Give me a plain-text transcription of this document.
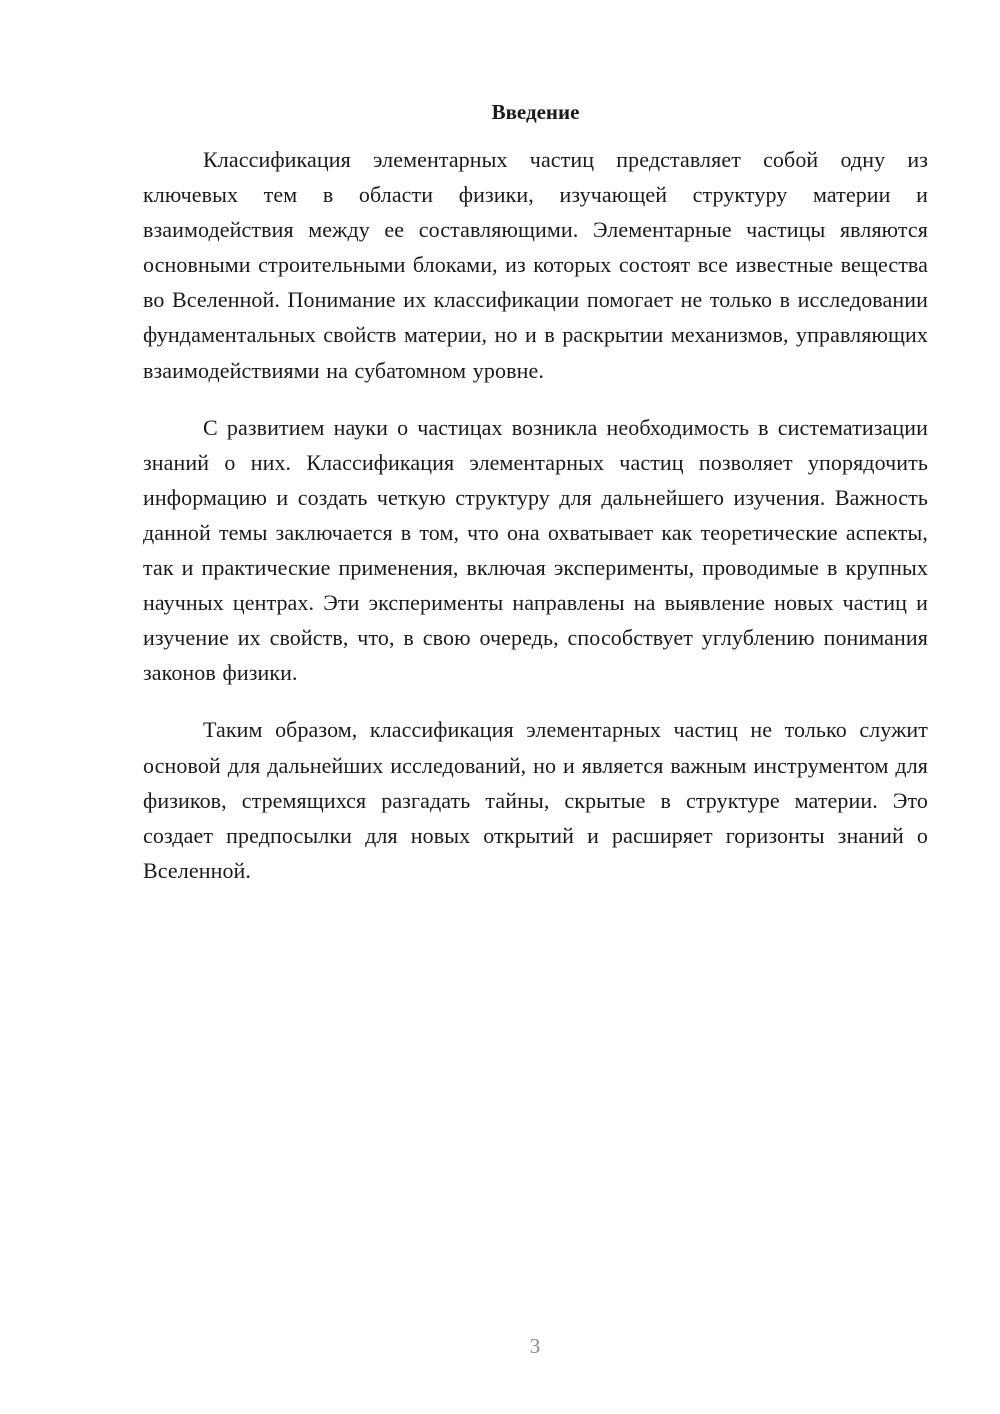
Введение

Классификация элементарных частиц представляет собой одну из ключевых тем в области физики, изучающей структуру материи и взаимодействия между ее составляющими. Элементарные частицы являются основными строительными блоками, из которых состоят все известные вещества во Вселенной. Понимание их классификации помогает не только в исследовании фундаментальных свойств материи, но и в раскрытии механизмов, управляющих взаимодействиями на субатомном уровне.

С развитием науки о частицах возникла необходимость в систематизации знаний о них. Классификация элементарных частиц позволяет упорядочить информацию и создать четкую структуру для дальнейшего изучения. Важность данной темы заключается в том, что она охватывает как теоретические аспекты, так и практические применения, включая эксперименты, проводимые в крупных научных центрах. Эти эксперименты направлены на выявление новых частиц и изучение их свойств, что, в свою очередь, способствует углублению понимания законов физики.

Таким образом, классификация элементарных частиц не только служит основой для дальнейших исследований, но и является важным инструментом для физиков, стремящихся разгадать тайны, скрытые в структуре материи. Это создает предпосылки для новых открытий и расширяет горизонты знаний о Вселенной.

3
